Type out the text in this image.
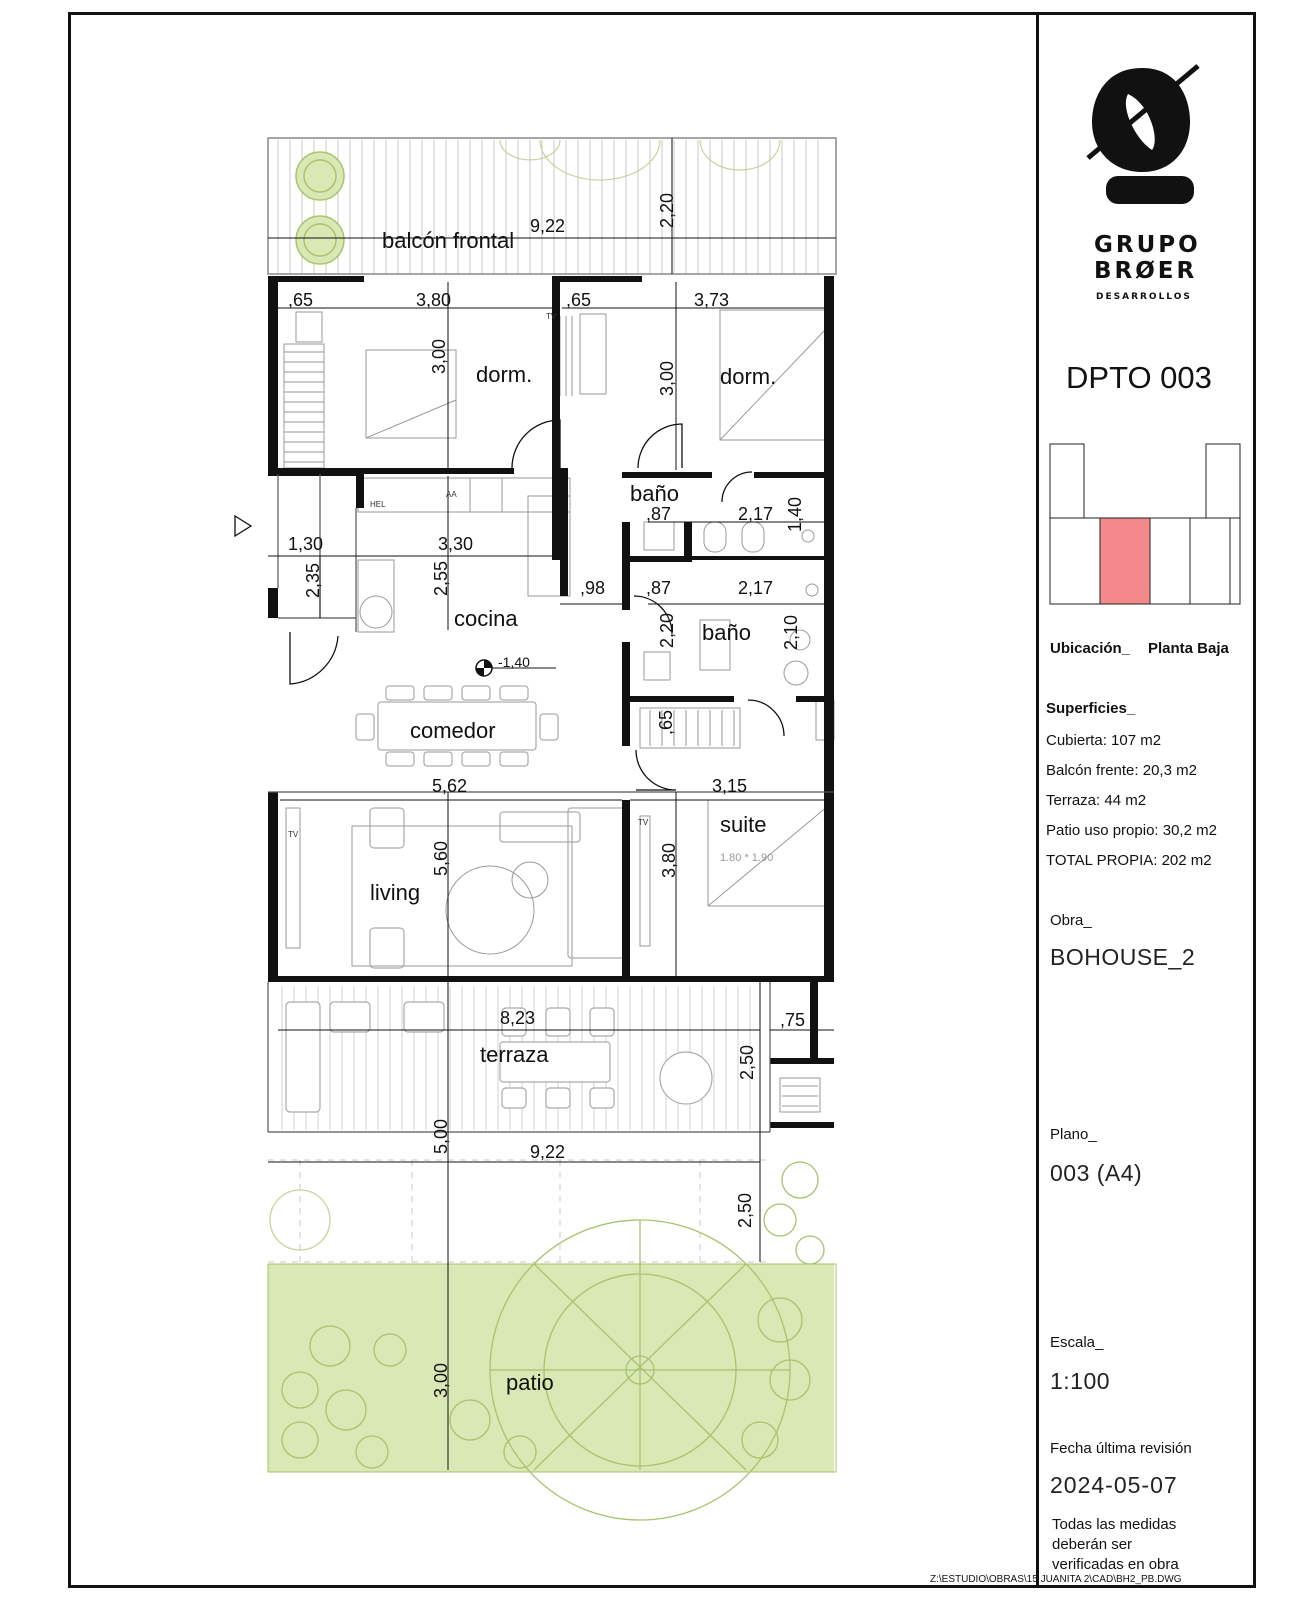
balcón frontal
dorm.	dorm.
baño
baño
cocina
comedor
living
suite
terraza
patio
9,22	2,20
,65	3,80
3,00
,65	3,73
3,00
,87	2,17 1,40
1,30
2,35
3,30
2,55	,98 ,87	2,17
2,10
2,20
,65
-1,40
5,62
5,60
3,15
3,80
8,23
2,50
,75
5,00	9,22
2,50
3,00
HEL
AA
TV
TV
TV
1.80 * 1.90
GRUPO
BRØER
DESARROLLOS
DPTO 003
Ubicación_ Planta Baja
Superficies_
Cubierta: 107 m2
Balcón frente: 20,3 m2
Terraza: 44 m2
Patio uso propio: 30,2 m2
TOTAL PROPIA: 202 m2
Obra_
BOHOUSE_2
Plano_
003 (A4)
Escala_
1:100
Fecha última revisión
2024-05-07
Todas las medidas
deberán ser
verificadas en obra
Z:\ESTUDIO\OBRAS\15 JUANITA 2\CAD\BH2_PB.DWG
